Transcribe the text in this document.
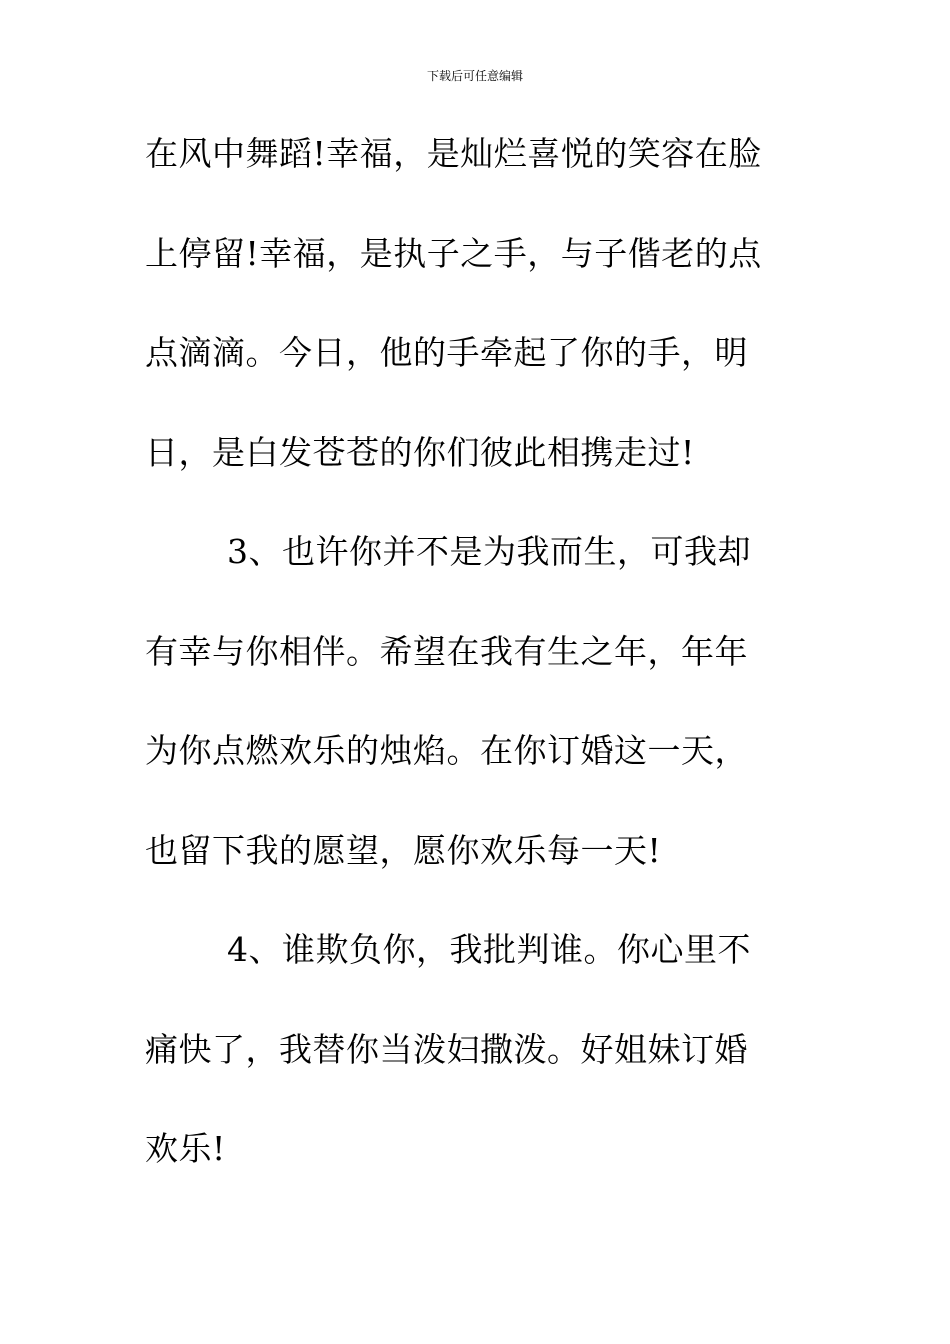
下载后可任意编辑
在风中舞蹈!幸福，是灿烂喜悦的笑容在脸
上停留!幸福，是执子之手，与子偕老的点
点滴滴。今日，他的手牵起了你的手，明
日，是白发苍苍的你们彼此相携走过!
3、也许你并不是为我而生，可我却
有幸与你相伴。希望在我有生之年，年年
为你点燃欢乐的烛焰。在你订婚这一天，
也留下我的愿望，愿你欢乐每一天!
4、谁欺负你，我批判谁。你心里不
痛快了，我替你当泼妇撒泼。好姐妹订婚
欢乐!
